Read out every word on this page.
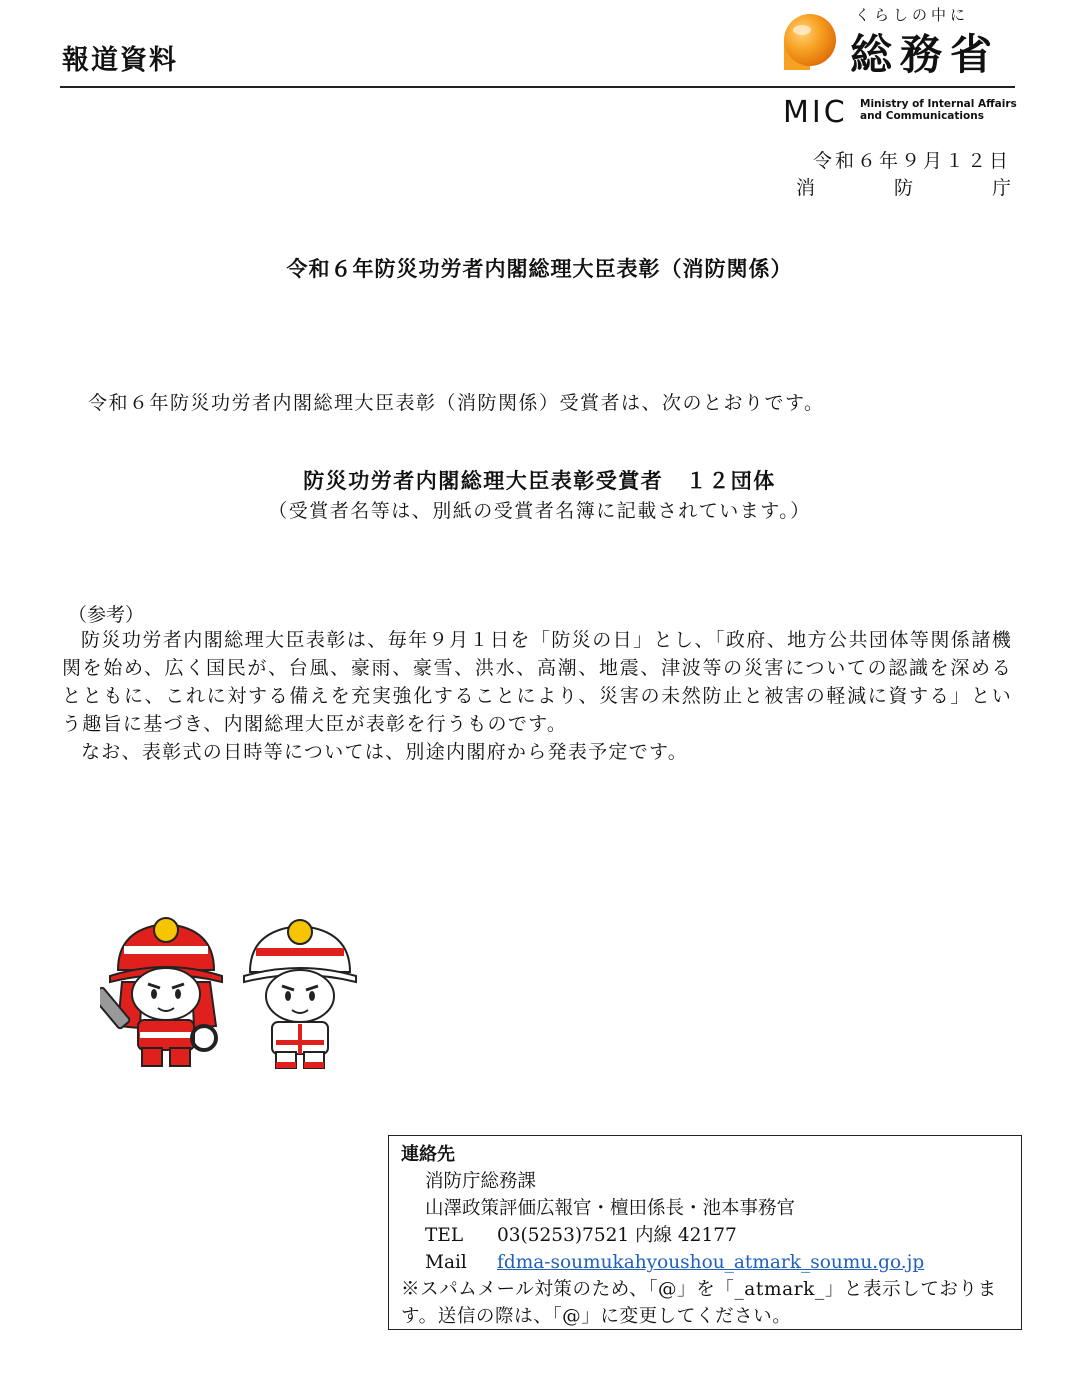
報道資料
くらしの中に
総務省
MIC Ministry of Internal Affairs
and Communications
令和６年９月１２日
消	防	庁
令和６年防災功労者内閣総理大臣表彰（消防関係）
令和６年防災功労者内閣総理大臣表彰（消防関係）受賞者は、次のとおりです。
防災功労者内閣総理大臣表彰受賞者　１２団体
（受賞者名等は、別紙の受賞者名簿に記載されています。）
（参考）

防災功労者内閣総理大臣表彰は、毎年９月１日を「防災の日」とし、「政府、地方公共団体等関係諸機関を始め、広く国民が、台風、豪雨、豪雪、洪水、高潮、地震、津波等の災害についての認識を深めるとともに、これに対する備えを充実強化することにより、災害の未然防止と被害の軽減に資する」という趣旨に基づき、内閣総理大臣が表彰を行うものです。

なお、表彰式の日時等については、別途内閣府から発表予定です。

連絡先
消防庁総務課
山澤政策評価広報官・檀田係長・池本事務官
TEL 03(5253)7521 内線 42177
Mail fdma-soumukahyoushou_atmark_soumu.go.jp
※スパムメール対策のため、「@」を「_atmark_」と表示しております。送信の際は、「@」に変更してください。
